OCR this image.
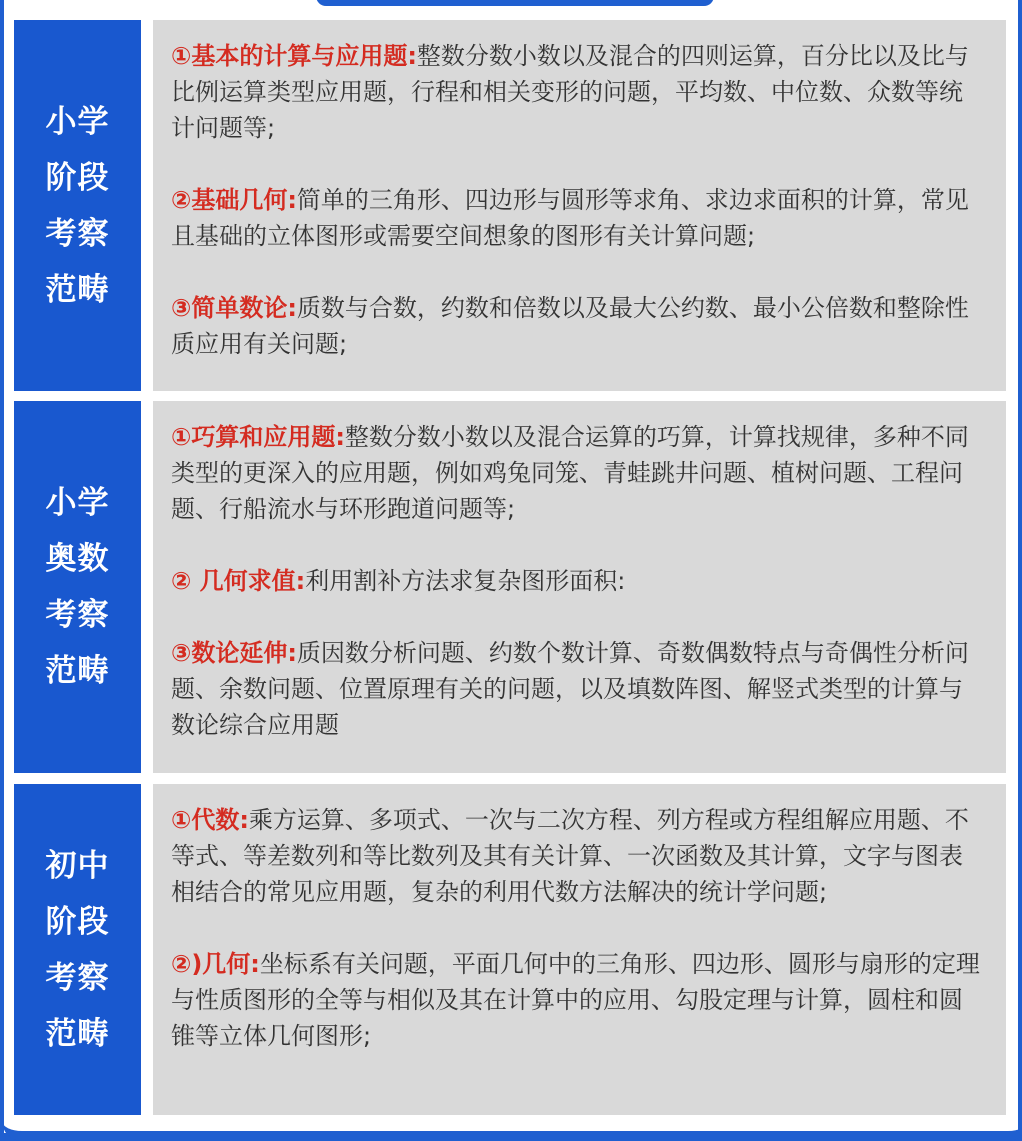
小学阶段考察范畴
①基本的计算与应用题:整数分数小数以及混合的四则运算，百分比以及比与比例运算类型应用题，行程和相关变形的问题，平均数、中位数、众数等统计问题等;
②基础几何:简单的三角形、四边形与圆形等求角、求边求面积的计算，常见且基础的立体图形或需要空间想象的图形有关计算问题;
③简单数论:质数与合数，约数和倍数以及最大公约数、最小公倍数和整除性质应用有关问题;
小学奥数考察范畴
①巧算和应用题:整数分数小数以及混合运算的巧算，计算找规律，多种不同类型的更深入的应用题，例如鸡兔同笼、青蛙跳井问题、植树问题、工程问题、行船流水与环形跑道问题等;
② 几何求值:利用割补方法求复杂图形面积:
③数论延伸:质因数分析问题、约数个数计算、奇数偶数特点与奇偶性分析问题、余数问题、位置原理有关的问题，以及填数阵图、解竖式类型的计算与数论综合应用题
初中阶段考察范畴
①代数:乘方运算、多项式、一次与二次方程、列方程或方程组解应用题、不等式、等差数列和等比数列及其有关计算、一次函数及其计算，文字与图表相结合的常见应用题，复杂的利用代数方法解决的统计学问题;
②)几何:坐标系有关问题，平面几何中的三角形、四边形、圆形与扇形的定理与性质图形的全等与相似及其在计算中的应用、勾股定理与计算，圆柱和圆锥等立体几何图形;
